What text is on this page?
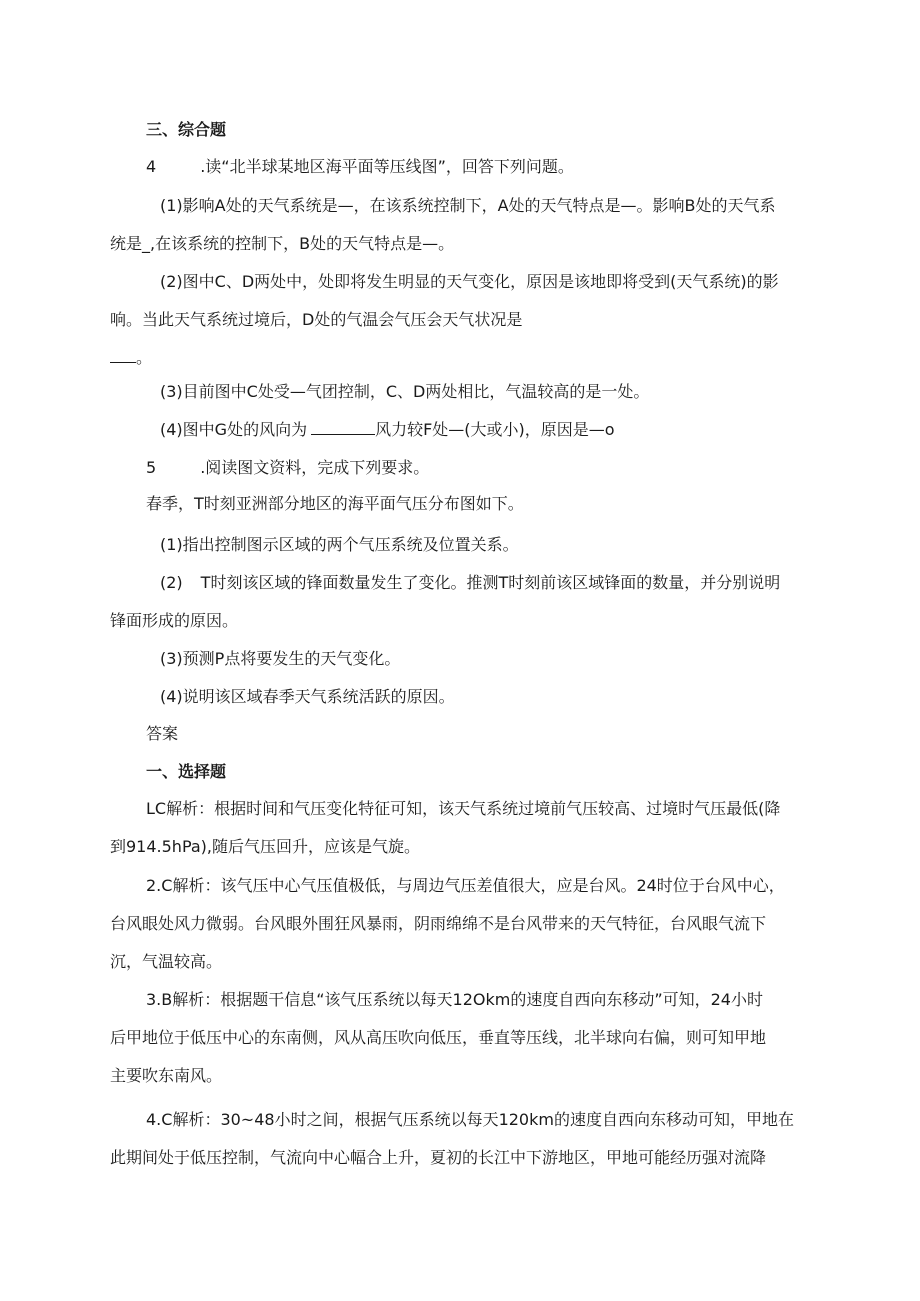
三、综合题
4	.读“北半球某地区海平面等压线图”，回答下列问题。
(1)影响A处的天气系统是—，在该系统控制下，A处的天气特点是—。影响B处的天气系
统是_,在该系统的控制下，B处的天气特点是—。
(2)图中C、D两处中，处即将发生明显的天气变化，原因是该地即将受到(天气系统)的影
响。当此天气系统过境后，D处的气温会气压会天气状况是
。
(3)目前图中C处受—气团控制，C、D两处相比，气温较高的是一处。
(4)图中G处的风向为	风力较F处—(大或小)，原因是—o
5	.阅读图文资料，完成下列要求。
春季，T时刻亚洲部分地区的海平面气压分布图如下。
(1)指出控制图示区域的两个气压系统及位置关系。
(2) T时刻该区域的锋面数量发生了变化。推测T时刻前该区域锋面的数量，并分别说明
锋面形成的原因。
(3)预测P点将要发生的天气变化。
(4)说明该区域春季天气系统活跃的原因。
答案
一、选择题
LC解析：根据时间和气压变化特征可知，该天气系统过境前气压较高、过境时气压最低(降
到914.5hPa),随后气压回升，应该是气旋。
2.C解析：该气压中心气压值极低，与周边气压差值很大，应是台风。24时位于台风中心，
台风眼处风力微弱。台风眼外围狂风暴雨，阴雨绵绵不是台风带来的天气特征，台风眼气流下
沉，气温较高。
3.B解析：根据题干信息“该气压系统以每天12Okm的速度自西向东移动”可知，24小时
后甲地位于低压中心的东南侧，风从高压吹向低压，垂直等压线，北半球向右偏，则可知甲地
主要吹东南风。
4.C解析：30~48小时之间，根据气压系统以每天120km的速度自西向东移动可知，甲地在
此期间处于低压控制，气流向中心幅合上升，夏初的长江中下游地区，甲地可能经历强对流降
